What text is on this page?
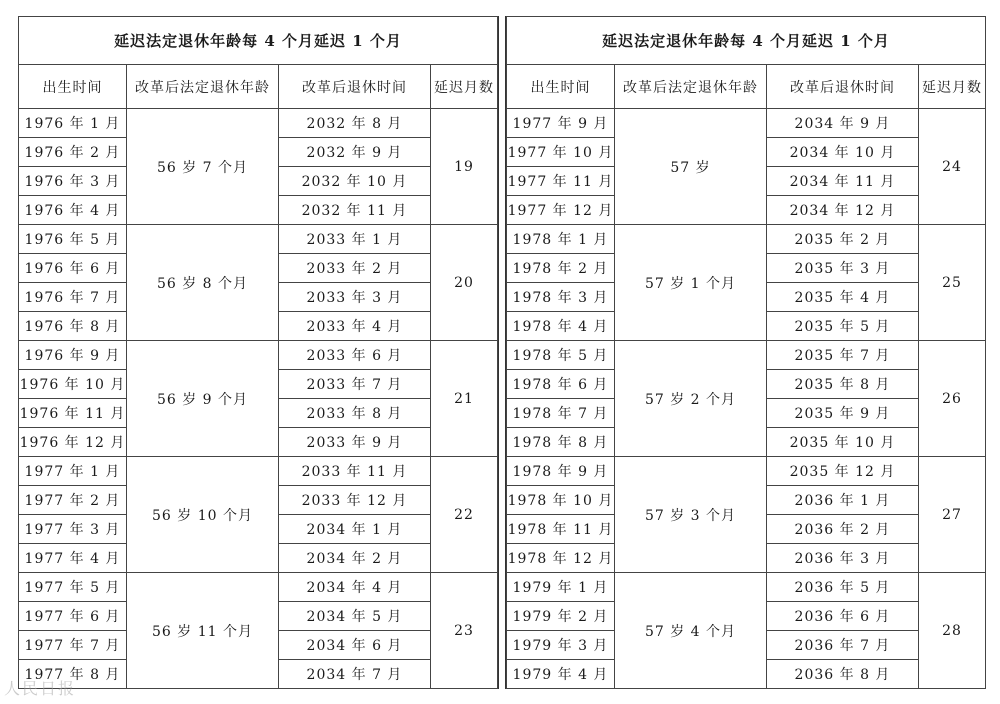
延迟法定退休年龄每 4 个月延迟 1 个月			
出生时间	改革后法定退休年龄	改革后退休时间	延迟月数
1976 年 1 月	56 岁 7 个月	2032 年 8 月	19
1976 年 2 月		2032 年 9 月	
1976 年 3 月		2032 年 10 月	
1976 年 4 月		2032 年 11 月	
1976 年 5 月	56 岁 8 个月	2033 年 1 月	20
1976 年 6 月		2033 年 2 月	
1976 年 7 月		2033 年 3 月	
1976 年 8 月		2033 年 4 月	
1976 年 9 月	56 岁 9 个月	2033 年 6 月	21
1976 年 10 月		2033 年 7 月	
1976 年 11 月		2033 年 8 月	
1976 年 12 月		2033 年 9 月	
1977 年 1 月	56 岁 10 个月	2033 年 11 月	22
1977 年 2 月		2033 年 12 月	
1977 年 3 月		2034 年 1 月	
1977 年 4 月		2034 年 2 月	
1977 年 5 月	56 岁 11 个月	2034 年 4 月	23
1977 年 6 月		2034 年 5 月	
1977 年 7 月		2034 年 6 月	
1977 年 8 月		2034 年 7 月	
延迟法定退休年龄每 4 个月延迟 1 个月			
出生时间	改革后法定退休年龄	改革后退休时间	延迟月数
1977 年 9 月	57 岁	2034 年 9 月	24
1977 年 10 月		2034 年 10 月	
1977 年 11 月		2034 年 11 月	
1977 年 12 月		2034 年 12 月	
1978 年 1 月	57 岁 1 个月	2035 年 2 月	25
1978 年 2 月		2035 年 3 月	
1978 年 3 月		2035 年 4 月	
1978 年 4 月		2035 年 5 月	
1978 年 5 月	57 岁 2 个月	2035 年 7 月	26
1978 年 6 月		2035 年 8 月	
1978 年 7 月		2035 年 9 月	
1978 年 8 月		2035 年 10 月	
1978 年 9 月	57 岁 3 个月	2035 年 12 月	27
1978 年 10 月		2036 年 1 月	
1978 年 11 月		2036 年 2 月	
1978 年 12 月		2036 年 3 月	
1979 年 1 月	57 岁 4 个月	2036 年 5 月	28
1979 年 2 月		2036 年 6 月	
1979 年 3 月		2036 年 7 月	
1979 年 4 月		2036 年 8 月	
人民日报
